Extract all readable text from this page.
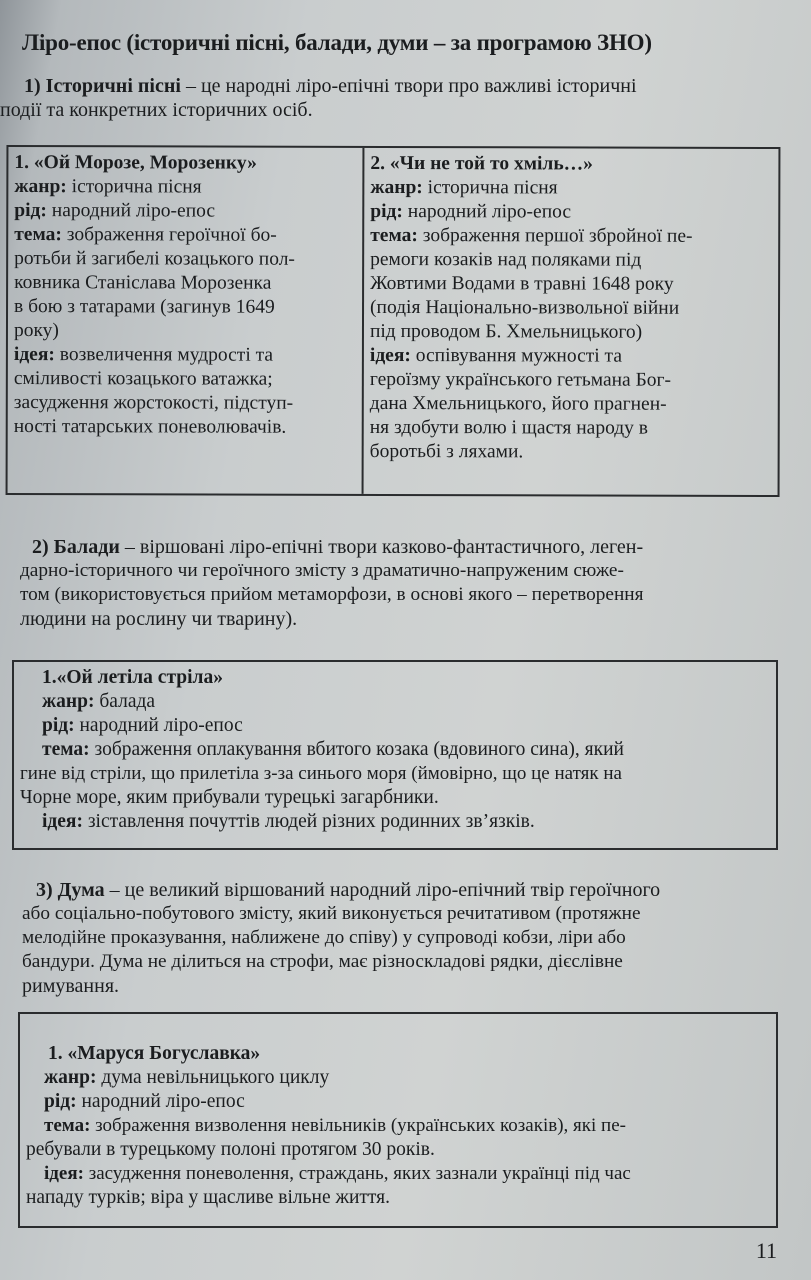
Ліро-епос (історичні пісні, балади, думи – за програмою ЗНО)
1) Історичні пісні – це народні ліро-епічні твори про важливі історичні
події та конкретних історичних осіб.
1. «Ой Морозе, Морозенку»
жанр: історична пісня
рід: народний ліро-епос
тема: зображення героїчної бо-
ротьби й загибелі козацького пол-
ковника Станіслава Морозенка
в бою з татарами (загинув 1649
року)
ідея: возвеличення мудрості та
сміливості козацького ватажка;
засудження жорстокості, підступ-
ності татарських поневолювачів.
2. «Чи не той то хміль…»
жанр: історична пісня
рід: народний ліро-епос
тема: зображення першої збройної пе-
ремоги козаків над поляками під
Жовтими Водами в травні 1648 року
(подія Національно-визвольної війни
під проводом Б. Хмельницького)
ідея: оспівування мужності та
героїзму українського гетьмана Бог-
дана Хмельницького, його прагнен-
ня здобути волю і щастя народу в
боротьбі з ляхами.
2) Балади – віршовані ліро-епічні твори казково-фантастичного, леген-
дарно-історичного чи героїчного змісту з драматично-напруженим сюже-
том (використовується прийом метаморфози, в основі якого – перетворення
людини на рослину чи тварину).
1.«Ой летіла стріла»
жанр: балада
рід: народний ліро-епос
тема: зображення оплакування вбитого козака (вдовиного сина), який
гине від стріли, що прилетіла з-за синього моря (ймовірно, що це натяк на
Чорне море, яким прибували турецькі загарбники.
ідея: зіставлення почуттів людей різних родинних зв’язків.
3) Дума – це великий віршований народний ліро-епічний твір героїчного
або соціально-побутового змісту, який виконується речитативом (протяжне
мелодійне проказування, наближене до співу) у супроводі кобзи, ліри або
бандури. Дума не ділиться на строфи, має різноскладові рядки, дієслівне
римування.
1. «Маруся Богуславка»
жанр: дума невільницького циклу
рід: народний ліро-епос
тема: зображення визволення невільників (українських козаків), які пе-
ребували в турецькому полоні протягом 30 років.
ідея: засудження поневолення, страждань, яких зазнали українці під час
нападу турків; віра у щасливе вільне життя.
11
